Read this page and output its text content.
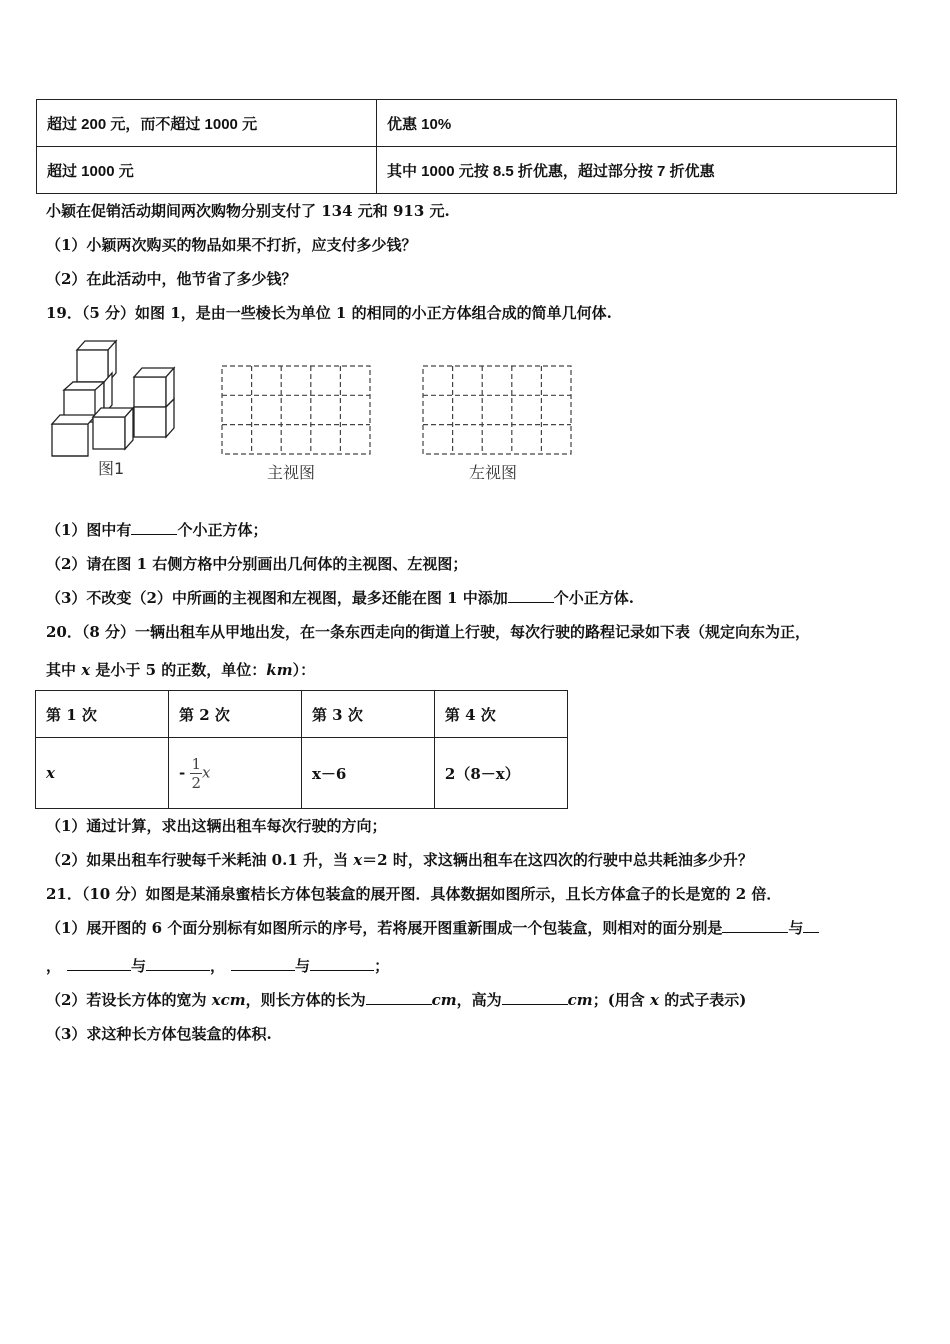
超过 200 元，而不超过 1000 元	优惠 10%
超过 1000 元	其中 1000 元按 8.5 折优惠，超过部分按 7 折优惠
小颖在促销活动期间两次购物分别支付了 134 元和 913 元.
（1）小颖两次购买的物品如果不打折，应支付多少钱？
（2）在此活动中，他节省了多少钱？
19．（5 分）如图 1，是由一些棱长为单位 1 的相同的小正方体组合成的简单几何体.
图1	主视图	左视图
（1）图中有	个小正方体；
（2）请在图 1 右侧方格中分别画出几何体的主视图、左视图；
（3）不改变（2）中所画的主视图和左视图，最多还能在图 1 中添加	个小正方体.
20．（8 分）一辆出租车从甲地出发，在一条东西走向的街道上行驶，每次行驶的路程记录如下表（规定向东为正，
其中 x 是小于 5 的正数，单位：km）：
第 1 次	第 2 次	第 3 次	第 4 次
x	- $\frac{1}{2}$ x	x－6	2（8－x）
（1）通过计算，求出这辆出租车每次行驶的方向；
（2）如果出租车行驶每千米耗油 0.1 升，当 x＝2 时，求这辆出租车在这四次的行驶中总共耗油多少升？
21．（10 分）如图是某涌泉蜜桔长方体包装盒的展开图．具体数据如图所示，且长方体盒子的长是宽的 2 倍．
（1）展开图的 6 个面分别标有如图所示的序号，若将展开图重新围成一个包装盒，则相对的面分别是	与
，	与	，	与	；
（2）若设长方体的宽为 xcm，则长方体的长为	cm，高为	cm；(用含 x 的式子表示)
（3）求这种长方体包装盒的体积.
